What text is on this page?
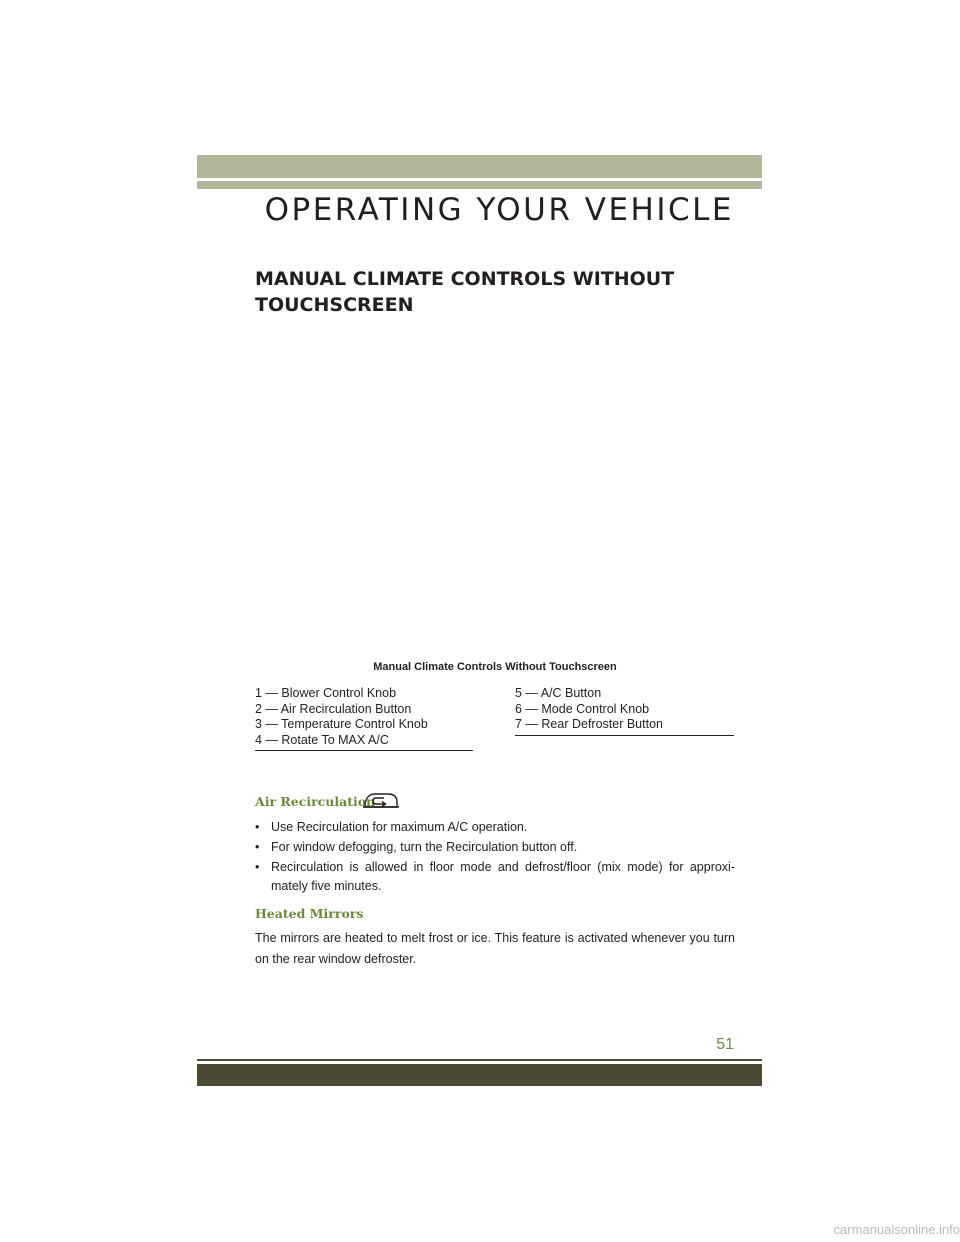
OPERATING YOUR VEHICLE
MANUAL CLIMATE CONTROLS WITHOUT
TOUCHSCREEN
Manual Climate Controls Without Touchscreen
1 — Blower Control Knob
2 — Air Recirculation Button
3 — Temperature Control Knob
4 — Rotate To MAX A/C
5 — A/C Button
6 — Mode Control Knob
7 — Rear Defroster Button
Air Recirculation
• Use Recirculation for maximum A/C operation.
• For window defogging, turn the Recirculation button off.
• Recirculation is allowed in floor mode and defrost/floor (mix mode) for approxi- mately five minutes.
Heated Mirrors
The mirrors are heated to melt frost or ice. This feature is activated whenever you turn on the rear window defroster.
51
carmanualsonline.info
